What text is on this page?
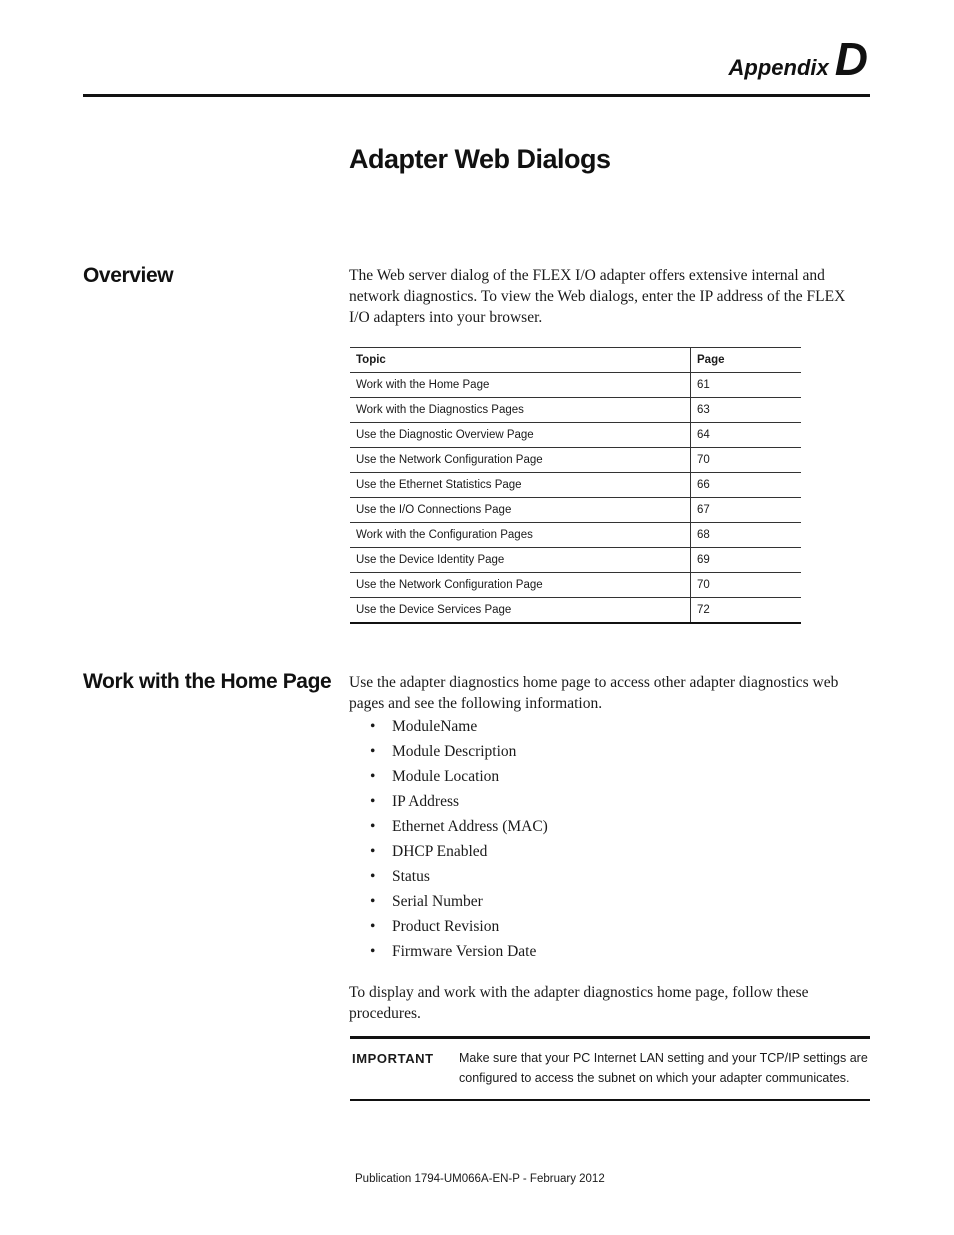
Appendix D
Adapter Web Dialogs
Overview	The Web server dialog of the FLEX I/O adapter offers extensive internal and network diagnostics. To view the Web dialogs, enter the IP address of the FLEX I/O adapters into your browser.

Topic	Page
Work with the Home Page	61
Work with the Diagnostics Pages	63
Use the Diagnostic Overview Page	64
Use the Network Configuration Page	70
Use the Ethernet Statistics Page	66
Use the I/O Connections Page	67
Work with the Configuration Pages	68
Use the Device Identity Page	69
Use the Network Configuration Page	70
Use the Device Services Page	72
Work with the Home Page Use the adapter diagnostics home page to access other adapter diagnostics web pages and see the following information.

• ModuleName
• Module Description
• Module Location
• IP Address
• Ethernet Address (MAC)
• DHCP Enabled
• Status
• Serial Number
• Product Revision
• Firmware Version Date

To display and work with the adapter diagnostics home page, follow these procedures.

IMPORTANT Make sure that your PC Internet LAN setting and your TCP/IP settings are configured to access the subnet on which your adapter communicates.
Publication 1794-UM066A-EN-P - February 2012
